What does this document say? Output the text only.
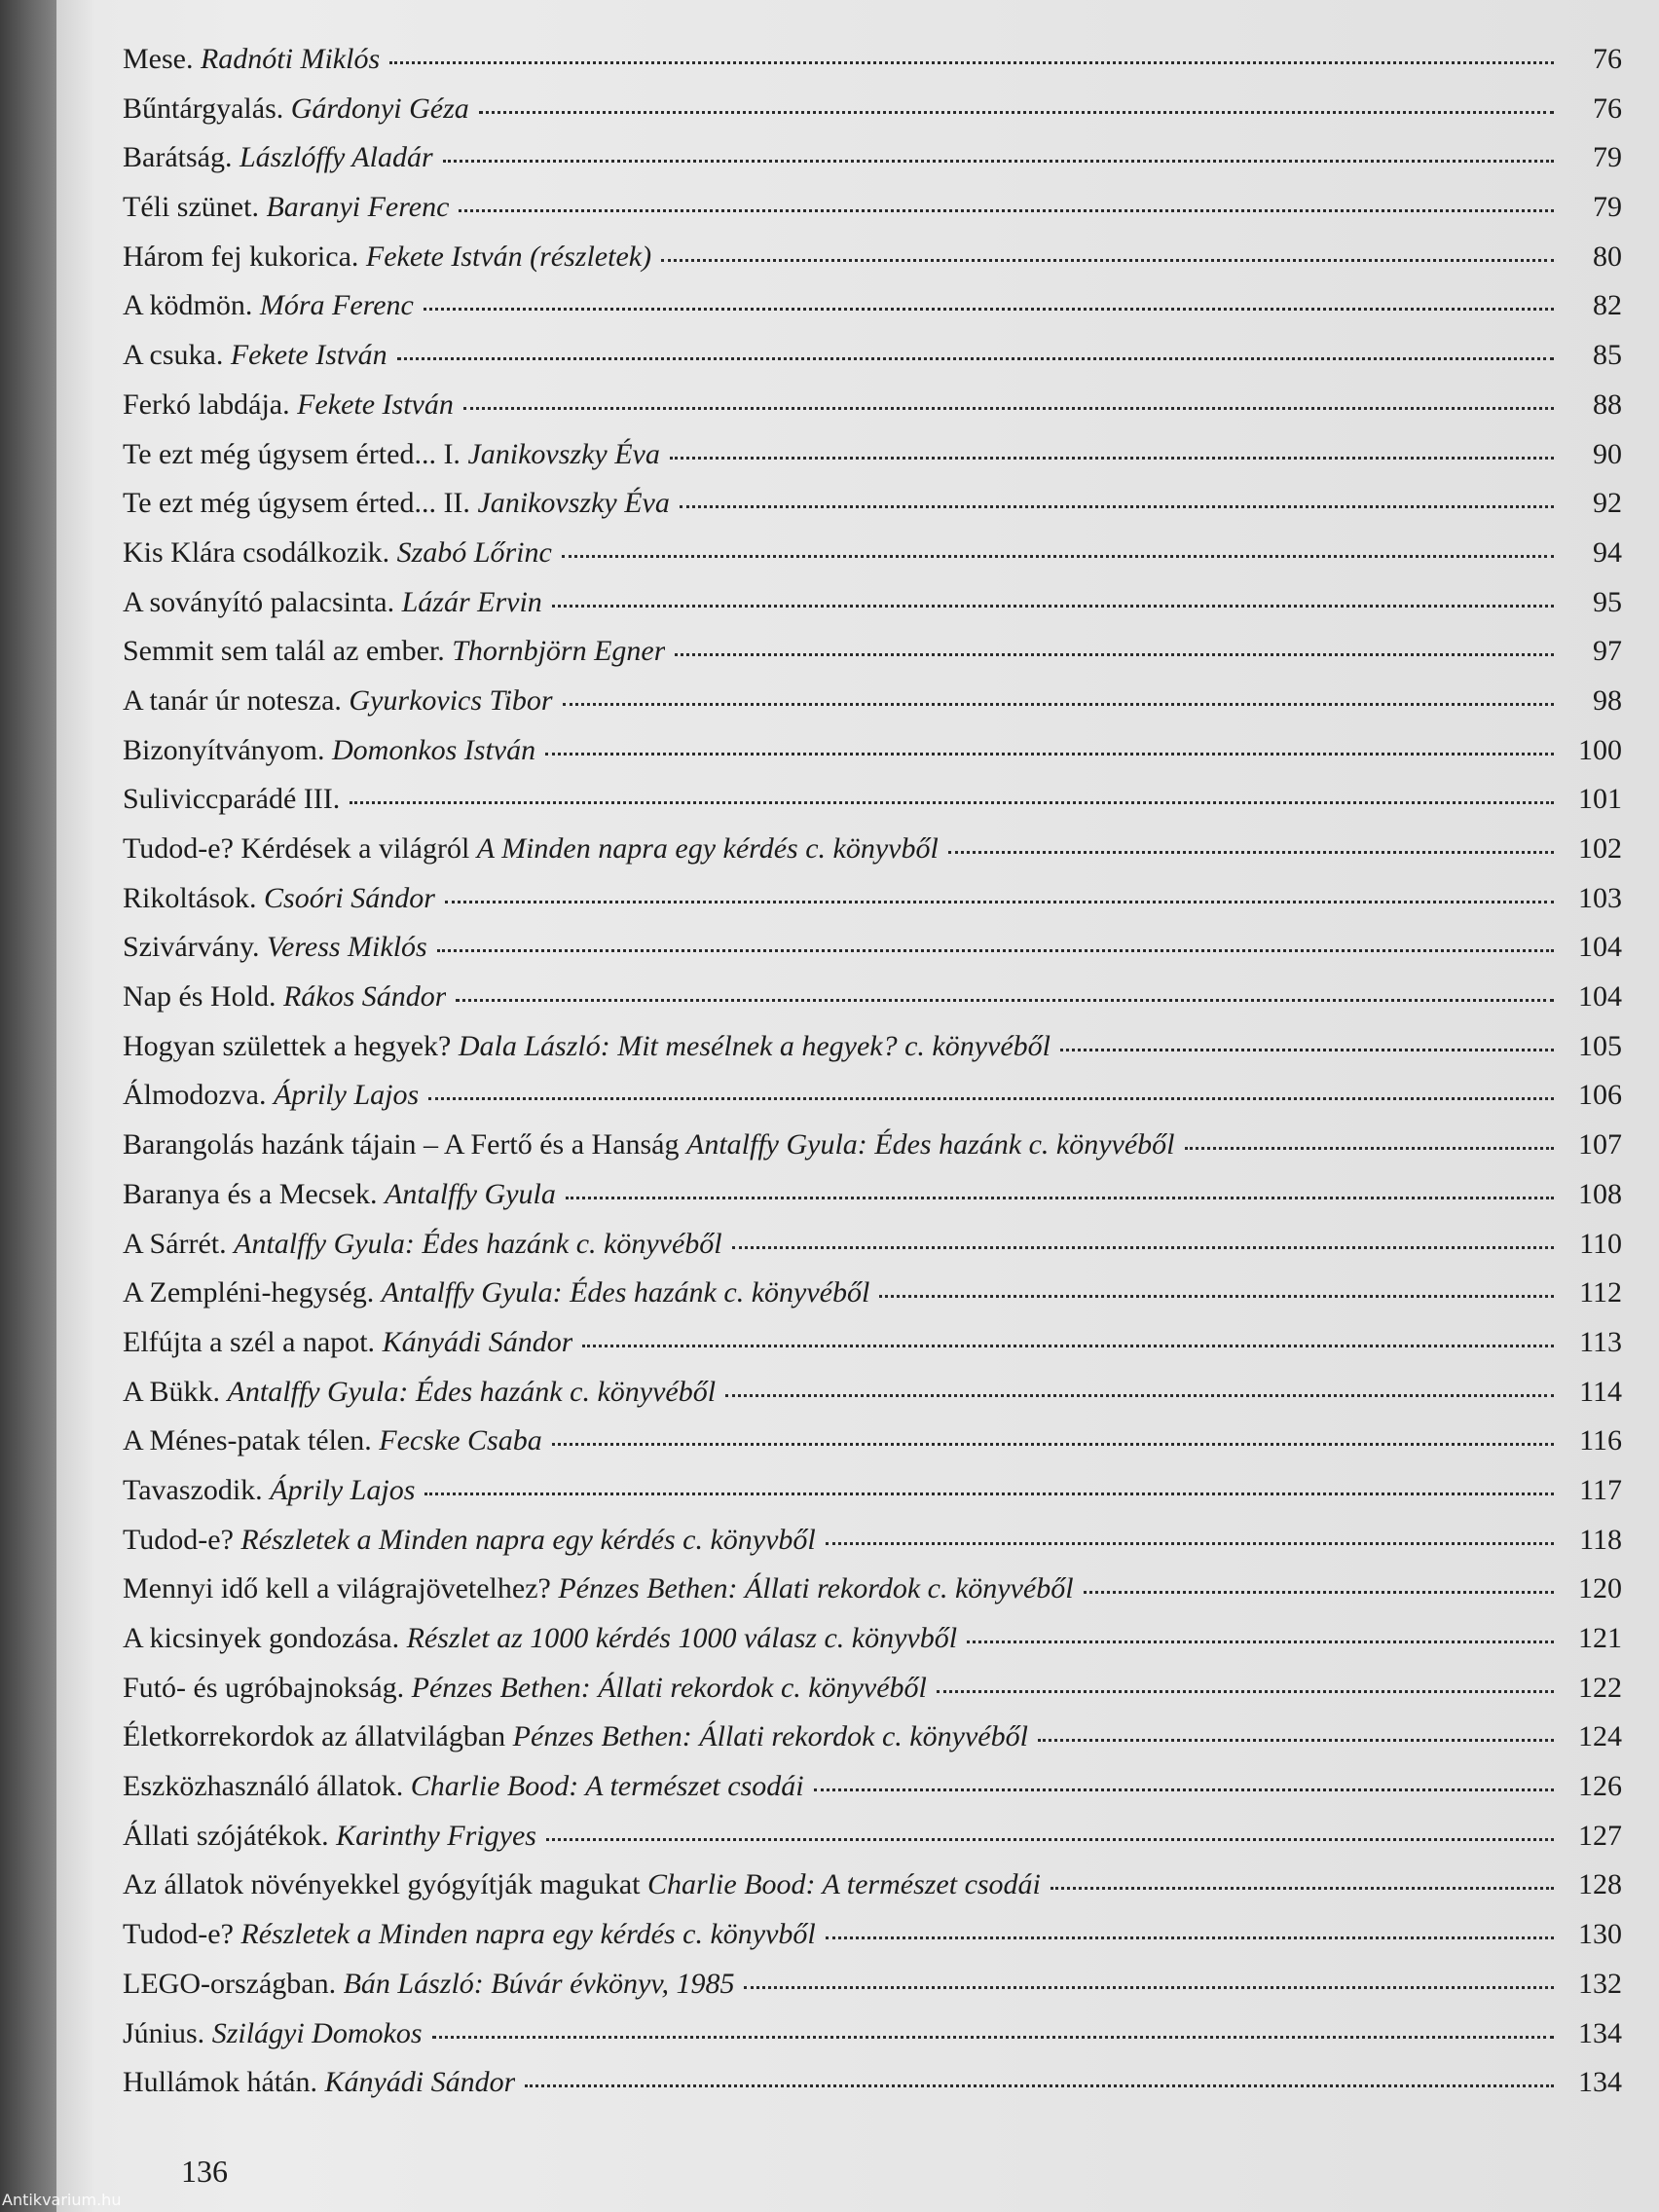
Mese. Radnóti Miklós	76
Bűntárgyalás. Gárdonyi Géza	76
Barátság. Lászlóffy Aladár	79
Téli szünet. Baranyi Ferenc	79
Három fej kukorica. Fekete István (részletek)	80
A ködmön. Móra Ferenc	82
A csuka. Fekete István	85
Ferkó labdája. Fekete István	88
Te ezt még úgysem érted... I. Janikovszky Éva	90
Te ezt még úgysem érted... II. Janikovszky Éva	92
Kis Klára csodálkozik. Szabó Lőrinc	94
A soványító palacsinta. Lázár Ervin	95
Semmit sem talál az ember. Thornbjörn Egner	97
A tanár úr notesza. Gyurkovics Tibor	98
Bizonyítványom. Domonkos István	100
Suliviccparádé III.	101
Tudod-e? Kérdések a világról A Minden napra egy kérdés c. könyvből	102
Rikoltások. Csoóri Sándor	103
Szivárvány. Veress Miklós	104
Nap és Hold. Rákos Sándor	104
Hogyan születtek a hegyek? Dala László: Mit mesélnek a hegyek? c. könyvéből	105
Álmodozva. Áprily Lajos	106
Barangolás hazánk tájain – A Fertő és a Hanság Antalffy Gyula: Édes hazánk c. könyvéből	107
Baranya és a Mecsek. Antalffy Gyula	108
A Sárrét. Antalffy Gyula: Édes hazánk c. könyvéből	110
A Zempléni-hegység. Antalffy Gyula: Édes hazánk c. könyvéből	112
Elfújta a szél a napot. Kányádi Sándor	113
A Bükk. Antalffy Gyula: Édes hazánk c. könyvéből	114
A Ménes-patak télen. Fecske Csaba	116
Tavaszodik. Áprily Lajos	117
Tudod-e? Részletek a Minden napra egy kérdés c. könyvből	118
Mennyi idő kell a világrajövetelhez? Pénzes Bethen: Állati rekordok c. könyvéből	120
A kicsinyek gondozása. Részlet az 1000 kérdés 1000 válasz c. könyvből	121
Futó- és ugróbajnokság. Pénzes Bethen: Állati rekordok c. könyvéből	122
Életkorrekordok az állatvilágban Pénzes Bethen: Állati rekordok c. könyvéből	124
Eszközhasználó állatok. Charlie Bood: A természet csodái	126
Állati szójátékok. Karinthy Frigyes	127
Az állatok növényekkel gyógyítják magukat Charlie Bood: A természet csodái	128
Tudod-e? Részletek a Minden napra egy kérdés c. könyvből	130
LEGO-országban. Bán László: Búvár évkönyv, 1985	132
Június. Szilágyi Domokos	134
Hullámok hátán. Kányádi Sándor	134
136
Antikvarium.hu
